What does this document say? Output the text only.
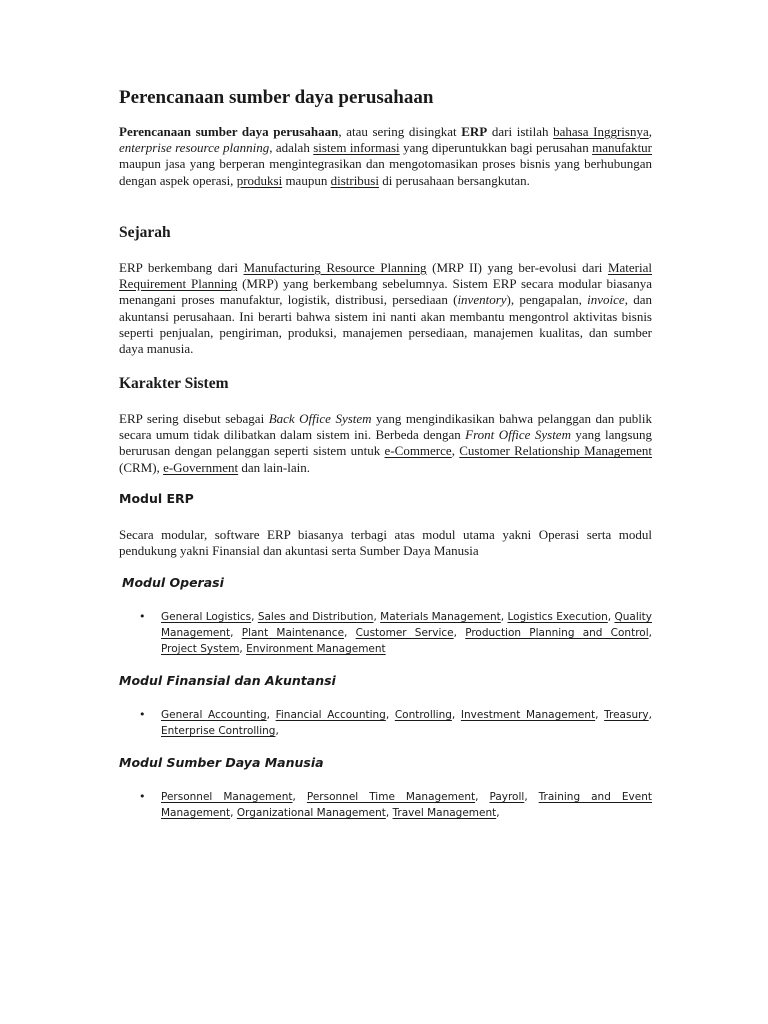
Perencanaan sumber daya perusahaan

Perencanaan sumber daya perusahaan, atau sering disingkat ERP dari istilah bahasa Inggrisnya, enterprise resource planning, adalah sistem informasi yang diperuntukkan bagi perusahan manufaktur maupun jasa yang berperan mengintegrasikan dan mengotomasikan proses bisnis yang berhubungan dengan aspek operasi, produksi maupun distribusi di perusahaan bersangkutan.

Sejarah

ERP berkembang dari Manufacturing Resource Planning (MRP II) yang ber-evolusi dari Material Requirement Planning (MRP) yang berkembang sebelumnya. Sistem ERP secara modular biasanya menangani proses manufaktur, logistik, distribusi, persediaan (inventory), pengapalan, invoice, dan akuntansi perusahaan. Ini berarti bahwa sistem ini nanti akan membantu mengontrol aktivitas bisnis seperti penjualan, pengiriman, produksi, manajemen persediaan, manajemen kualitas, dan sumber daya manusia.

Karakter Sistem

ERP sering disebut sebagai Back Office System yang mengindikasikan bahwa pelanggan dan publik secara umum tidak dilibatkan dalam sistem ini. Berbeda dengan Front Office System yang langsung berurusan dengan pelanggan seperti sistem untuk e-Commerce, Customer Relationship Management (CRM), e-Government dan lain-lain.

Modul ERP

Secara modular, software ERP biasanya terbagi atas modul utama yakni Operasi serta modul pendukung yakni Finansial dan akuntasi serta Sumber Daya Manusia

Modul Operasi
• General Logistics, Sales and Distribution, Materials Management, Logistics Execution, Quality Management, Plant Maintenance, Customer Service, Production Planning and Control, Project System, Environment Management
Modul Finansial dan Akuntansi
• General Accounting, Financial Accounting, Controlling, Investment Management, Treasury, Enterprise Controlling,
Modul Sumber Daya Manusia
• Personnel Management, Personnel Time Management, Payroll, Training and Event Management, Organizational Management, Travel Management,
